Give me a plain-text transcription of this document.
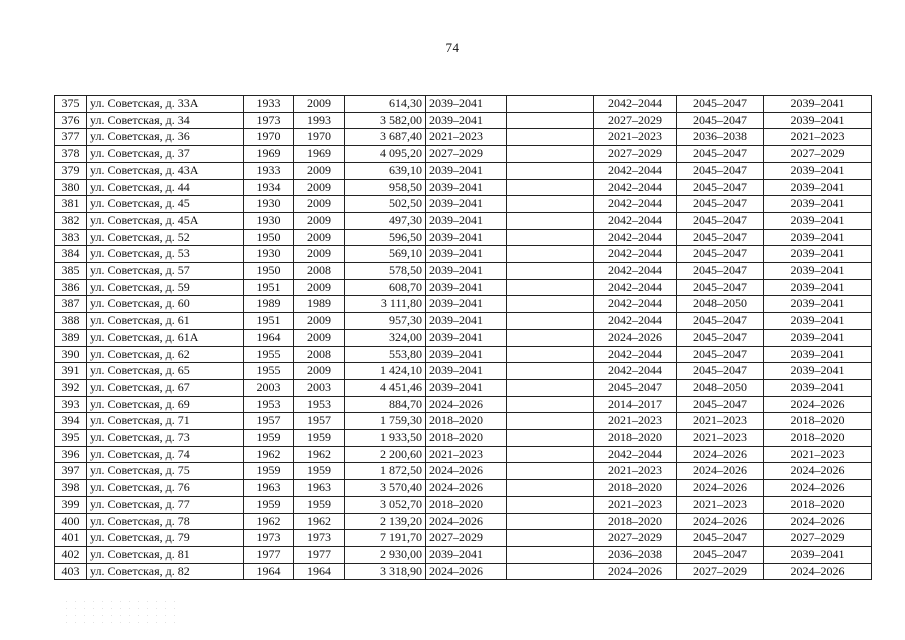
74
375	ул. Советская, д. 33А	1933	2009	614,30	2039–2041		2042–2044	2045–2047	2039–2041
376	ул. Советская, д. 34	1973	1993	3 582,00	2039–2041		2027–2029	2045–2047	2039–2041
377	ул. Советская, д. 36	1970	1970	3 687,40	2021–2023		2021–2023	2036–2038	2021–2023
378	ул. Советская, д. 37	1969	1969	4 095,20	2027–2029		2027–2029	2045–2047	2027–2029
379	ул. Советская, д. 43А	1933	2009	639,10	2039–2041		2042–2044	2045–2047	2039–2041
380	ул. Советская, д. 44	1934	2009	958,50	2039–2041		2042–2044	2045–2047	2039–2041
381	ул. Советская, д. 45	1930	2009	502,50	2039–2041		2042–2044	2045–2047	2039–2041
382	ул. Советская, д. 45А	1930	2009	497,30	2039–2041		2042–2044	2045–2047	2039–2041
383	ул. Советская, д. 52	1950	2009	596,50	2039–2041		2042–2044	2045–2047	2039–2041
384	ул. Советская, д. 53	1930	2009	569,10	2039–2041		2042–2044	2045–2047	2039–2041
385	ул. Советская, д. 57	1950	2008	578,50	2039–2041		2042–2044	2045–2047	2039–2041
386	ул. Советская, д. 59	1951	2009	608,70	2039–2041		2042–2044	2045–2047	2039–2041
387	ул. Советская, д. 60	1989	1989	3 111,80	2039–2041		2042–2044	2048–2050	2039–2041
388	ул. Советская, д. 61	1951	2009	957,30	2039–2041		2042–2044	2045–2047	2039–2041
389	ул. Советская, д. 61А	1964	2009	324,00	2039–2041		2024–2026	2045–2047	2039–2041
390	ул. Советская, д. 62	1955	2008	553,80	2039–2041		2042–2044	2045–2047	2039–2041
391	ул. Советская, д. 65	1955	2009	1 424,10	2039–2041		2042–2044	2045–2047	2039–2041
392	ул. Советская, д. 67	2003	2003	4 451,46	2039–2041		2045–2047	2048–2050	2039–2041
393	ул. Советская, д. 69	1953	1953	884,70	2024–2026		2014–2017	2045–2047	2024–2026
394	ул. Советская, д. 71	1957	1957	1 759,30	2018–2020		2021–2023	2021–2023	2018–2020
395	ул. Советская, д. 73	1959	1959	1 933,50	2018–2020		2018–2020	2021–2023	2018–2020
396	ул. Советская, д. 74	1962	1962	2 200,60	2021–2023		2042–2044	2024–2026	2021–2023
397	ул. Советская, д. 75	1959	1959	1 872,50	2024–2026		2021–2023	2024–2026	2024–2026
398	ул. Советская, д. 76	1963	1963	3 570,40	2024–2026		2018–2020	2024–2026	2024–2026
399	ул. Советская, д. 77	1959	1959	3 052,70	2018–2020		2021–2023	2021–2023	2018–2020
400	ул. Советская, д. 78	1962	1962	2 139,20	2024–2026		2018–2020	2024–2026	2024–2026
401	ул. Советская, д. 79	1973	1973	7 191,70	2027–2029		2027–2029	2045–2047	2027–2029
402	ул. Советская, д. 81	1977	1977	2 930,00	2039–2041		2036–2038	2045–2047	2039–2041
403	ул. Советская, д. 82	1964	1964	3 318,90	2024–2026		2024–2026	2027–2029	2024–2026
